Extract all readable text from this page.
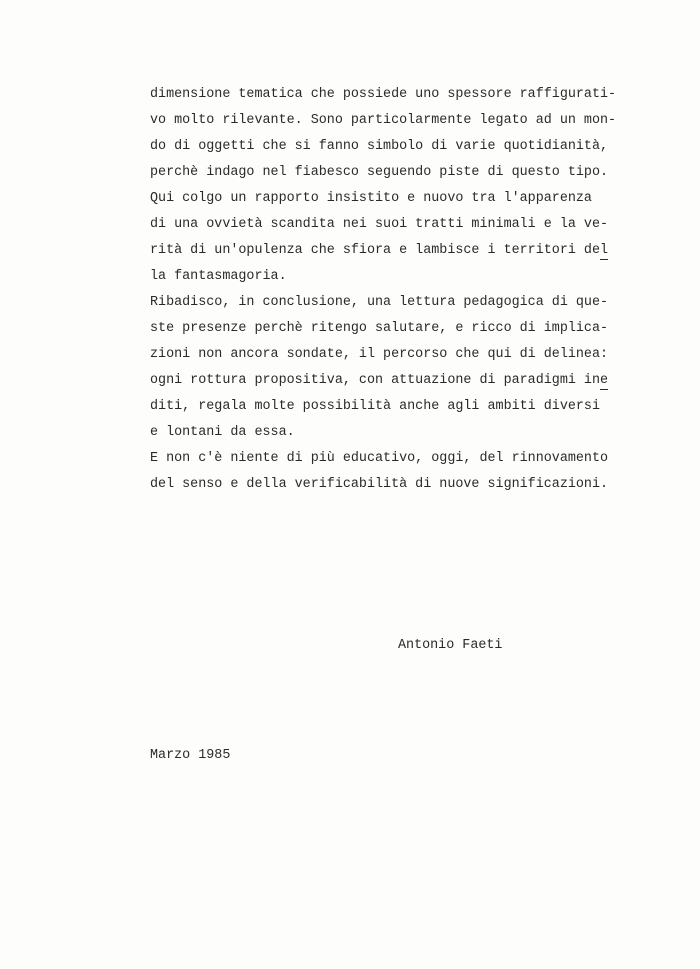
dimensione tematica che possiede uno spessore raffigurati-
vo molto rilevante. Sono particolarmente legato ad un mon-
do di oggetti che si fanno simbolo di varie quotidianità,
perchè indago nel fiabesco seguendo piste di questo tipo.
Qui colgo un rapporto insistito e nuovo tra l'apparenza
di una ovvietà scandita nei suoi tratti minimali e la ve-
rità di un'opulenza che sfiora e lambisce i territori del
la fantasmagoria.
Ribadisco, in conclusione, una lettura pedagogica di que-
ste presenze perchè ritengo salutare, e ricco di implica-
zioni non ancora sondate, il percorso che qui di delinea:
ogni rottura propositiva, con attuazione di paradigmi ine
diti, regala molte possibilità anche agli ambiti diversi
e lontani da essa.
E non c'è niente di più educativo, oggi, del rinnovamento
del senso e della verificabilità di nuove significazioni.
Antonio Faeti
Marzo 1985
